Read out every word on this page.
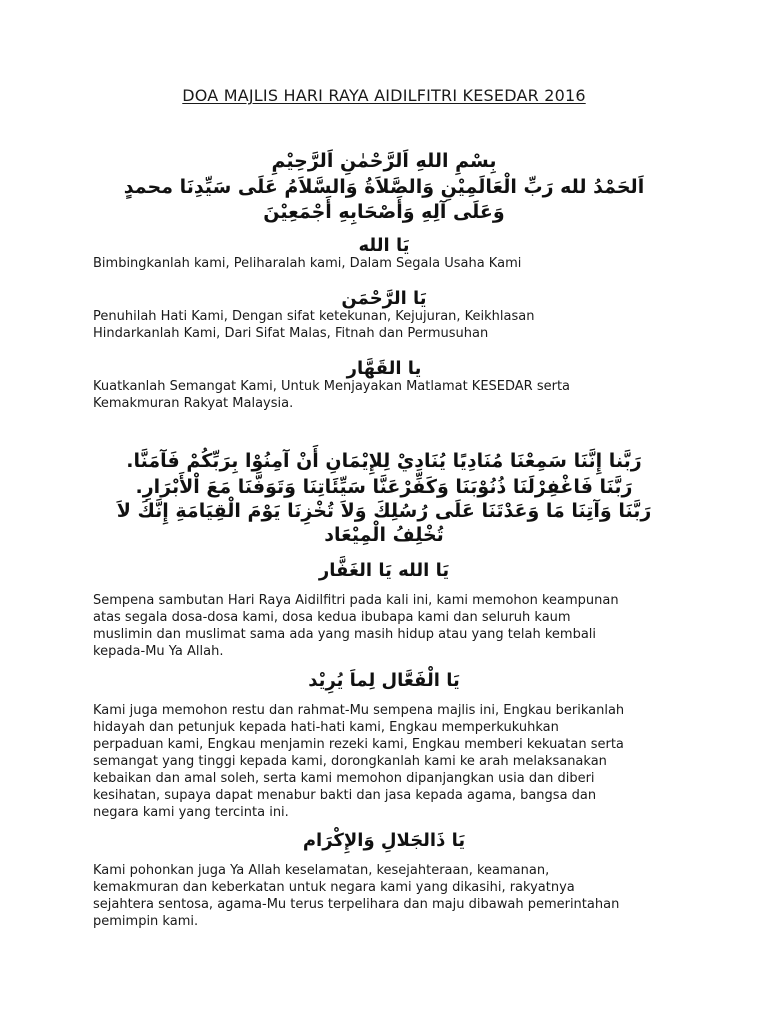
DOA MAJLIS HARI RAYA AIDILFITRI KESEDAR 2016
بِسْمِ اللهِ اَلرَّحْمٰنِ اَلرَّحِيْمِ
اَلحَمْدُ لله رَبِّ الْعَالَمِيْنِ وَالصَّلاَةُ وَالسَّلاَمُ عَلَى سَيِّدِنَا محمدٍ
وَعَلَى آلِهِ وَأَصْحَابِهِ أَجْمَعِيْنَ
يَا الله
Bimbingkanlah kami, Peliharalah kami, Dalam Segala Usaha Kami
يَا الرَّحْمَن
Penuhilah Hati Kami, Dengan sifat ketekunan, Kejujuran, Keikhlasan
Hindarkanlah Kami, Dari Sifat Malas, Fitnah dan Permusuhan
يا القَهَّار
Kuatkanlah Semangat Kami, Untuk Menjayakan Matlamat KESEDAR serta
Kemakmuran Rakyat Malaysia.
رَبَّنا إِنَّنَا سَمِعْنَا مُنَادِيًا يُنَادِيْ لِلإِيْمَانِ أَنْ آمِنُوْا بِرَبِّكُمْ فَآمَنَّا.
رَبَّنَا فَاغْفِرْلَنَا ذُنُوْبَنَا وَكَفِّرْعَنَّا سَيِّئَاتِنَا وَتَوَفَّنَا مَعَ اْلأَبْرَارِ.
رَبَّنَا وَآتِنَا مَا وَعَدْتَنَا عَلَى رُسُلِكَ وَلاَ تُخْزِنَا يَوْمَ الْقِيَامَةِ إِنَّكَ لاَ
تُخْلِفُ الْمِيْعَاد
يَا الله يَا الغَفَّار
Sempena sambutan Hari Raya Aidilfitri pada kali ini, kami memohon keampunan
atas segala dosa-dosa kami, dosa kedua ibubapa kami dan seluruh kaum
muslimin dan muslimat sama ada yang masih hidup atau yang telah kembali
kepada-Mu Ya Allah.
يَا الْفَعَّال لِماَ يُرِيْد
Kami juga memohon restu dan rahmat-Mu sempena majlis ini, Engkau berikanlah
hidayah dan petunjuk kepada hati-hati kami, Engkau memperkukuhkan
perpaduan kami, Engkau menjamin rezeki kami, Engkau memberi kekuatan serta
semangat yang tinggi kepada kami, dorongkanlah kami ke arah melaksanakan
kebaikan dan amal soleh, serta kami memohon dipanjangkan usia dan diberi
kesihatan, supaya dapat menabur bakti dan jasa kepada agama, bangsa dan
negara kami yang tercinta ini.
يَا ذَالجَلالِ وَالإِكْرَام
Kami pohonkan juga Ya Allah keselamatan, kesejahteraan, keamanan,
kemakmuran dan keberkatan untuk negara kami yang dikasihi, rakyatnya
sejahtera sentosa, agama-Mu terus terpelihara dan maju dibawah pemerintahan
pemimpin kami.
